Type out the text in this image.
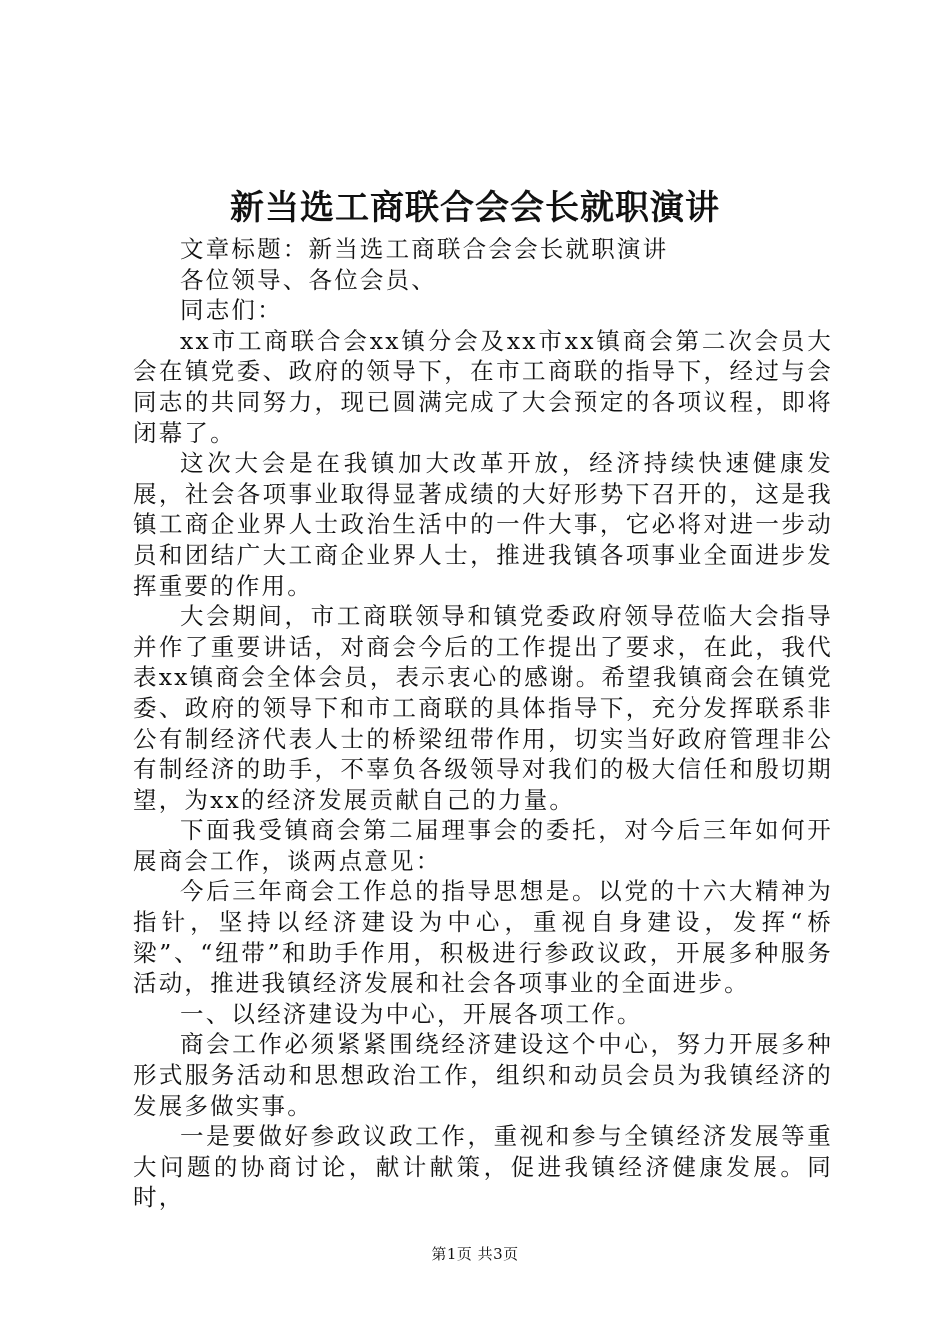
新当选工商联合会会长就职演讲

文章标题：新当选工商联合会会长就职演讲

各位领导、各位会员、

同志们：

xx市工商联合会xx镇分会及xx市xx镇商会第二次会员大会在镇党委、政府的领导下，在市工商联的指导下，经过与会同志的共同努力，现已圆满完成了大会预定的各项议程，即将闭幕了。

这次大会是在我镇加大改革开放，经济持续快速健康发展，社会各项事业取得显著成绩的大好形势下召开的，这是我镇工商企业界人士政治生活中的一件大事，它必将对进一步动员和团结广大工商企业界人士，推进我镇各项事业全面进步发挥重要的作用。

大会期间，市工商联领导和镇党委政府领导莅临大会指导并作了重要讲话，对商会今后的工作提出了要求，在此，我代表xx镇商会全体会员，表示衷心的感谢。希望我镇商会在镇党委、政府的领导下和市工商联的具体指导下，充分发挥联系非公有制经济代表人士的桥梁纽带作用，切实当好政府管理非公有制经济的助手，不辜负各级领导对我们的极大信任和殷切期望，为xx的经济发展贡献自己的力量。

下面我受镇商会第二届理事会的委托，对今后三年如何开展商会工作，谈两点意见：

今后三年商会工作总的指导思想是。以党的十六大精神为指针，坚持以经济建设为中心，重视自身建设，发挥“桥梁”、“纽带”和助手作用，积极进行参政议政，开展多种服务活动，推进我镇经济发展和社会各项事业的全面进步。

一、以经济建设为中心，开展各项工作。

商会工作必须紧紧围绕经济建设这个中心，努力开展多种形式服务活动和思想政治工作，组织和动员会员为我镇经济的发展多做实事。

一是要做好参政议政工作，重视和参与全镇经济发展等重大问题的协商讨论，献计献策，促进我镇经济健康发展。同时，

第1页 共3页
